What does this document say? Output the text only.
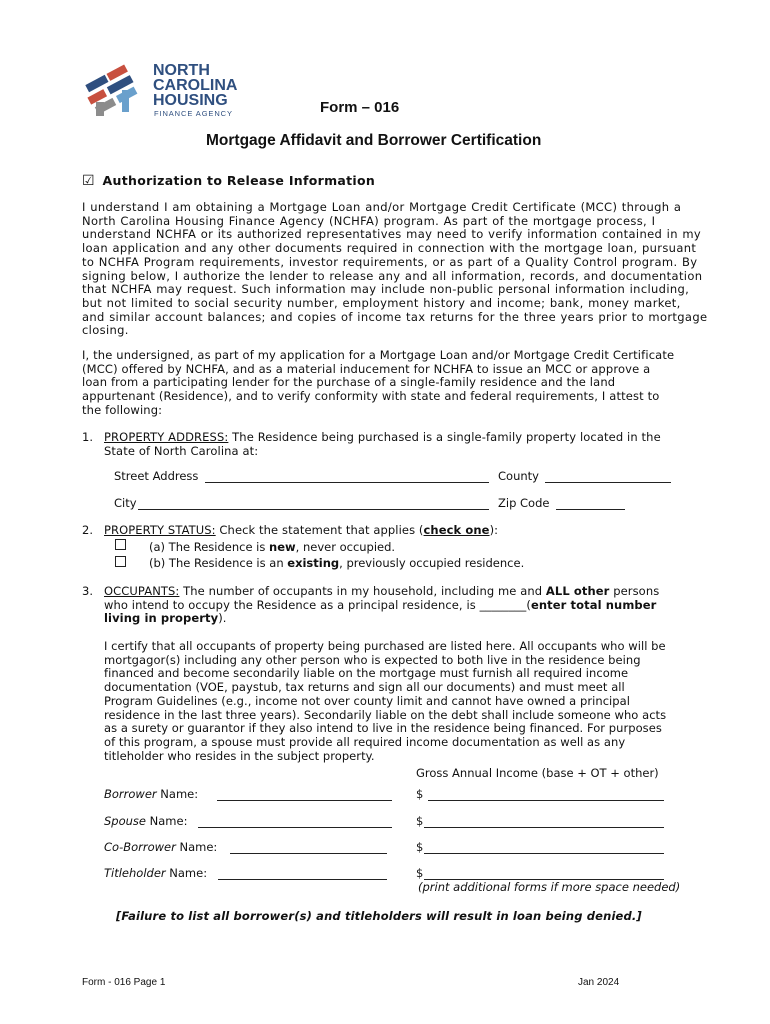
NORTH
CAROLINA
HOUSING
FINANCE AGENCY	Form – 016
Mortgage Affidavit and Borrower Certification
☑ Authorization to Release Information
I understand I am obtaining a Mortgage Loan and/or Mortgage Credit Certificate (MCC) through a
North Carolina Housing Finance Agency (NCHFA) program. As part of the mortgage process, I
understand NCHFA or its authorized representatives may need to verify information contained in my
loan application and any other documents required in connection with the mortgage loan, pursuant
to NCHFA Program requirements, investor requirements, or as part of a Quality Control program. By
signing below, I authorize the lender to release any and all information, records, and documentation
that NCHFA may request. Such information may include non-public personal information including,
but not limited to social security number, employment history and income; bank, money market,
and similar account balances; and copies of income tax returns for the three years prior to mortgage
closing.
I, the undersigned, as part of my application for a Mortgage Loan and/or Mortgage Credit Certificate
(MCC) offered by NCHFA, and as a material inducement for NCHFA to issue an MCC or approve a
loan from a participating lender for the purchase of a single-family residence and the land
appurtenant (Residence), and to verify conformity with state and federal requirements, I attest to
the following:
1. PROPERTY ADDRESS: The Residence being purchased is a single-family property located in the
State of North Carolina at:
Street Address	County
City	Zip Code
2. PROPERTY STATUS: Check the statement that applies (check one):
(a) The Residence is new, never occupied.
(b) The Residence is an existing, previously occupied residence.
3. OCCUPANTS: The number of occupants in my household, including me and ALL other persons
who intend to occupy the Residence as a principal residence, is ________(enter total number
living in property).
I certify that all occupants of property being purchased are listed here. All occupants who will be
mortgagor(s) including any other person who is expected to both live in the residence being
financed and become secondarily liable on the mortgage must furnish all required income
documentation (VOE, paystub, tax returns and sign all our documents) and must meet all
Program Guidelines (e.g., income not over county limit and cannot have owned a principal
residence in the last three years). Secondarily liable on the debt shall include someone who acts
as a surety or guarantor if they also intend to live in the residence being financed. For purposes
of this program, a spouse must provide all required income documentation as well as any
titleholder who resides in the subject property.
Gross Annual Income (base + OT + other)
Borrower Name:	$
Spouse Name:	$
Co-Borrower Name:	$
Titleholder Name:	$
(print additional forms if more space needed)
[Failure to list all borrower(s) and titleholders will result in loan being denied.]
Form - 016 Page 1	Jan 2024
